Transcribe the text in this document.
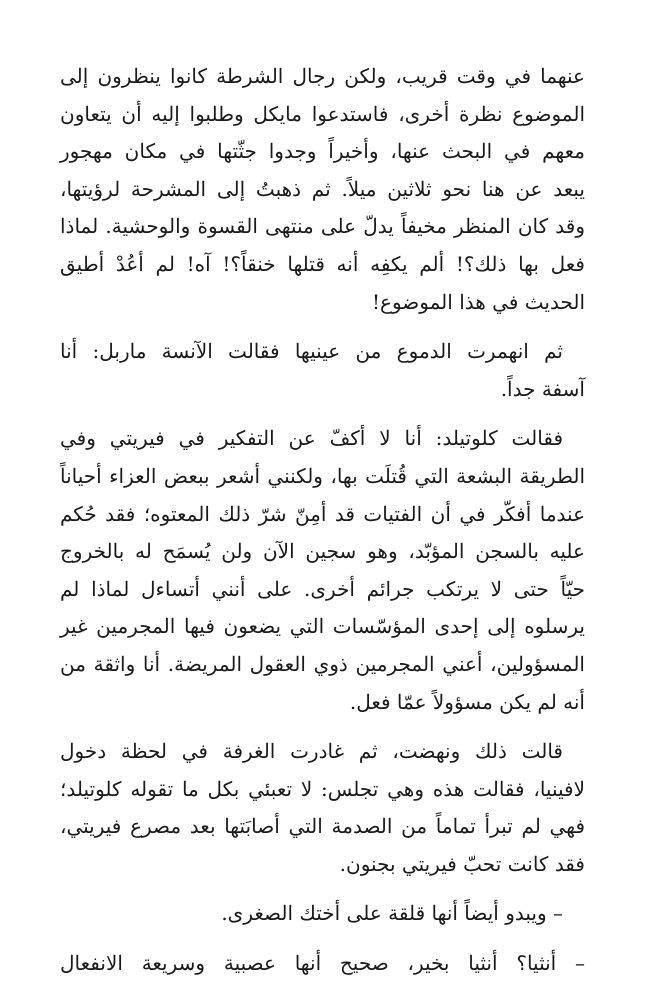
عنهما في وقت قريب، ولكن رجال الشرطة كانوا ينظرون إلى
الموضوع نظرة أخرى، فاستدعوا مايكل وطلبوا إليه أن يتعاون
معهم في البحث عنها، وأخيراً وجدوا جثّتها في مكان مهجور
يبعد عن هنا نحو ثلاثين ميلاً. ثم ذهبتُ إلى المشرحة لرؤيتها،
وقد كان المنظر مخيفاً يدلّ على منتهى القسوة والوحشية. لماذا
فعل بها ذلك؟! ألم يكفِه أنه قتلها خنقاً؟! آه! لم أعُدْ أطيق
الحديث في هذا الموضوع!
ثم انهمرت الدموع من عينيها فقالت الآنسة ماربل: أنا
آسفة جداً.
فقالت كلوتيلد: أنا لا أكفّ عن التفكير في فيريتي وفي
الطريقة البشعة التي قُتلَت بها، ولكنني أشعر ببعض العزاء أحياناً
عندما أفكّر في أن الفتيات قد أمِنّ شرّ ذلك المعتوه؛ فقد حُكم
عليه بالسجن المؤبّد، وهو سجين الآن ولن يُسمَح له بالخروج
حيّاً حتى لا يرتكب جرائم أخرى. على أنني أتساءل لماذا لم
يرسلوه إلى إحدى المؤسّسات التي يضعون فيها المجرمين غير
المسؤولين، أعني المجرمين ذوي العقول المريضة. أنا واثقة من
أنه لم يكن مسؤولاً عمّا فعل.
قالت ذلك ونهضت، ثم غادرت الغرفة في لحظة دخول
لافينيا، فقالت هذه وهي تجلس: لا تعبئي بكل ما تقوله كلوتيلد؛
فهي لم تبرأ تماماً من الصدمة التي أصابَتها بعد مصرع فيريتي،
فقد كانت تحبّ فيريتي بجنون.
– ويبدو أيضاً أنها قلقة على أختك الصغرى.
– أنثيا؟ أنثيا بخير، صحيح أنها عصبية وسريعة الانفعال
